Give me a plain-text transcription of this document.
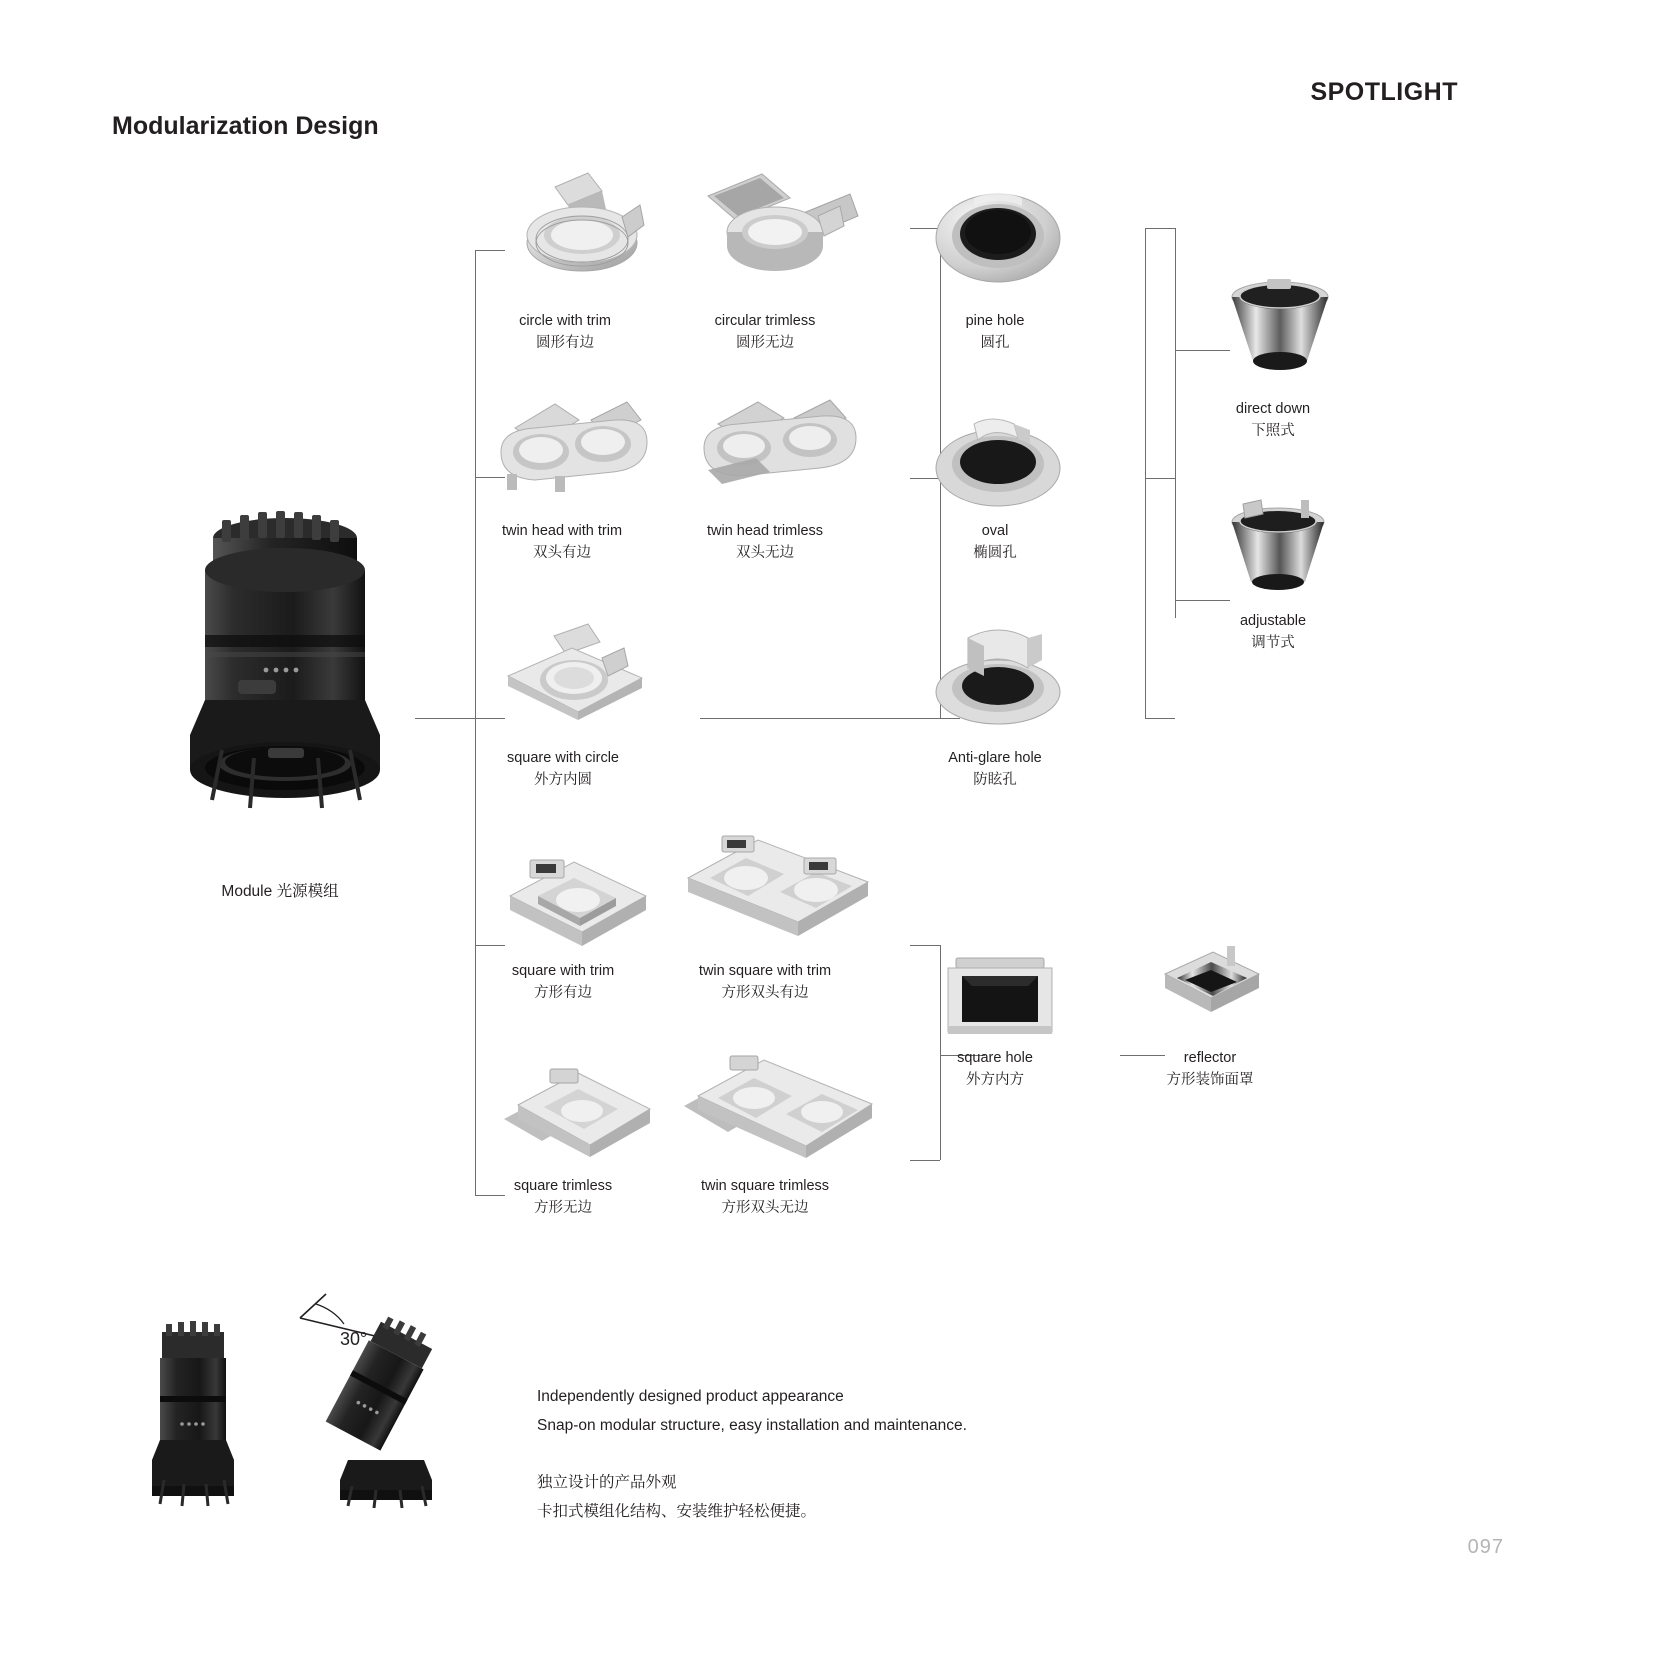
SPOTLIGHT
Modularization Design
Module 光源模组
circle with trim
圆形有边
circular trimless
圆形无边
pine hole
圆孔
direct down
下照式
twin head with trim
双头有边
twin head trimless
双头无边
oval
椭圆孔
adjustable
调节式
square with circle
外方内圆
Anti-glare hole
防眩孔
square with trim
方形有边
twin square with trim
方形双头有边
square hole
外方内方
reflector
方形装饰面罩
square trimless
方形无边
twin square trimless
方形双头无边
30°
Independently designed product appearance
Snap-on modular structure, easy installation and maintenance.
独立设计的产品外观
卡扣式模组化结构、安装维护轻松便捷。
097
